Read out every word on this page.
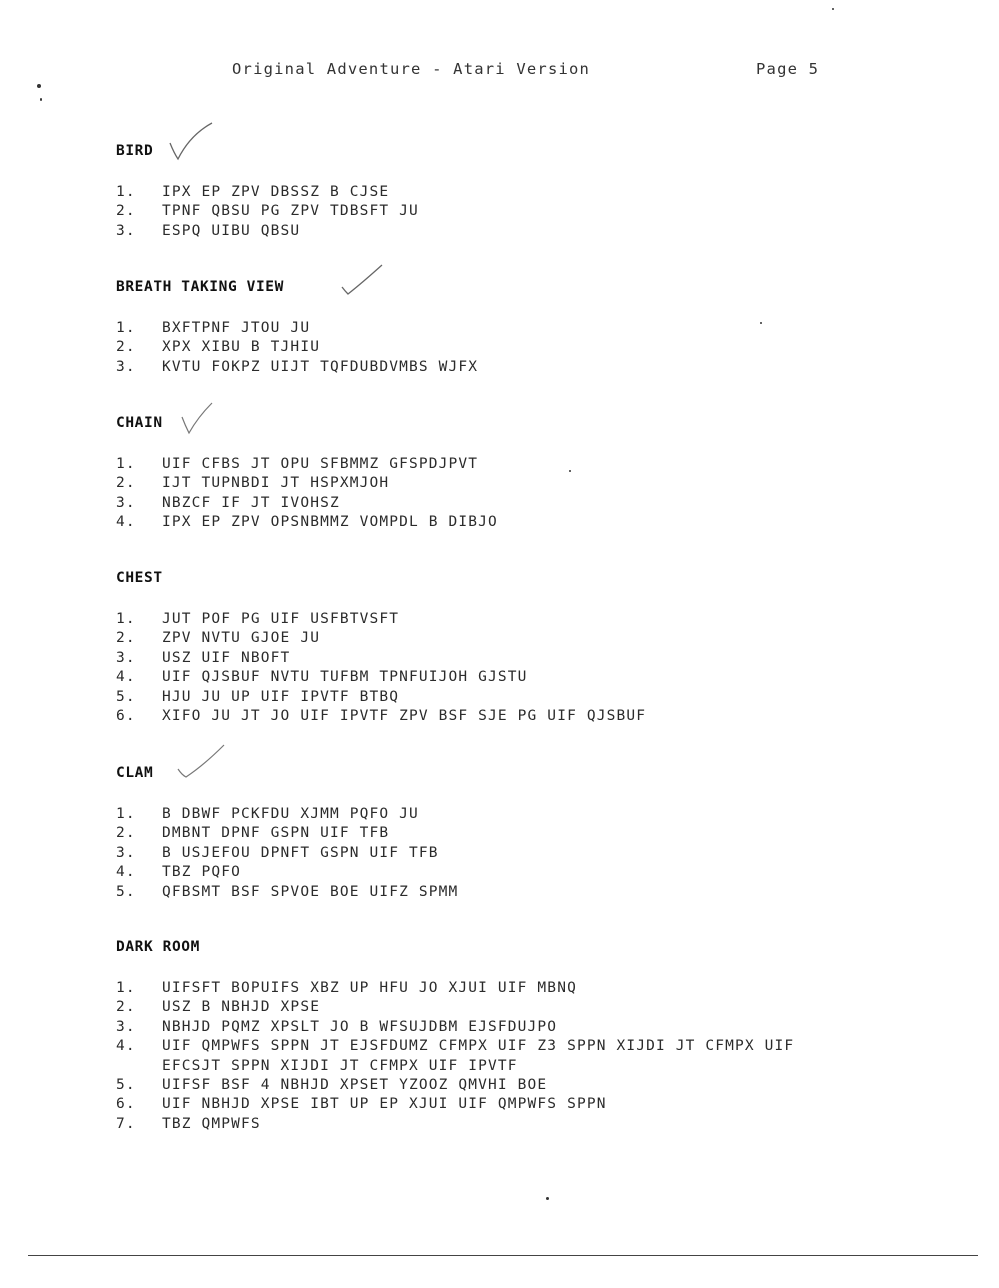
Original Adventure - Atari Version	Page 5
BIRD
1. IPX EP ZPV DBSSZ B CJSE
2. TPNF QBSU PG ZPV TDBSFT JU
3. ESPQ UIBU QBSU
BREATH TAKING VIEW
1. BXFTPNF JTOU JU
2. XPX XIBU B TJHIU
3. KVTU FOKPZ UIJT TQFDUBDVMBS WJFX
CHAIN
1. UIF CFBS JT OPU SFBMMZ GFSPDJPVT
2. IJT TUPNBDI JT HSPXMJOH
3. NBZCF IF JT IVOHSZ
4. IPX EP ZPV OPSNBMMZ VOMPDL B DIBJO
CHEST
1. JUT POF PG UIF USFBTVSFT
2. ZPV NVTU GJOE JU
3. USZ UIF NBOFT
4. UIF QJSBUF NVTU TUFBM TPNFUIJOH GJSTU
5. HJU JU UP UIF IPVTF BTBQ
6. XIFO JU JT JO UIF IPVTF ZPV BSF SJE PG UIF QJSBUF
CLAM
1. B DBWF PCKFDU XJMM PQFO JU
2. DMBNT DPNF GSPN UIF TFB
3. B USJEFOU DPNFT GSPN UIF TFB
4. TBZ PQFO
5. QFBSMT BSF SPVOE BOE UIFZ SPMM
DARK ROOM
1. UIFSFT BOPUIFS XBZ UP HFU JO XJUI UIF MBNQ
2. USZ B NBHJD XPSE
3. NBHJD PQMZ XPSLT JO B WFSUJDBM EJSFDUJPO
4. UIF QMPWFS SPPN JT EJSFDUMZ CFMPX UIF Z3 SPPN XIJDI JT CFMPX UIF
EFCSJT SPPN XIJDI JT CFMPX UIF IPVTF
5. UIFSF BSF 4 NBHJD XPSET YZOOZ QMVHI BOE
6. UIF NBHJD XPSE IBT UP EP XJUI UIF QMPWFS SPPN
7. TBZ QMPWFS
